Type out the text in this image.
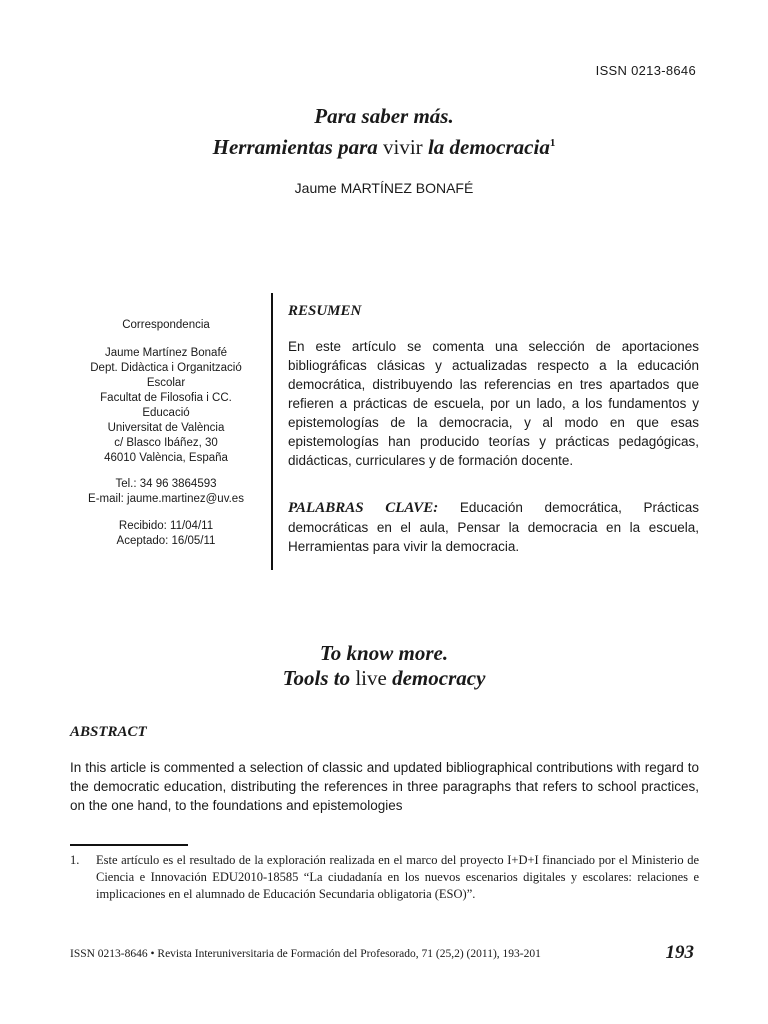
ISSN 0213-8646
Para saber más.
Herramientas para vivir la democracia$^1$
Jaume MARTÍNEZ BONAFÉ
Correspondencia
Jaume Martínez Bonafé
Dept. Didàctica i Organització
Escolar
Facultat de Filosofia i CC.
Educació
Universitat de València
c/ Blasco Ibáñez, 30
46010 València, España
Tel.: 34 96 3864593
E-mail: jaume.martinez@uv.es
Recibido: 11/04/11
Aceptado: 16/05/11
RESUMEN
En este artículo se comenta una selección de aportaciones bibliográficas clásicas y actualizadas respecto a la educación democrática, distribuyendo las referencias en tres apartados que refieren a prácticas de escuela, por un lado, a los fundamentos y epistemologías de la democracia, y al modo en que esas epistemologías han producido teorías y prácticas pedagógicas, didácticas, curriculares y de formación docente.
PALABRAS CLAVE: Educación democrática, Prácticas democráticas en el aula, Pensar la democracia en la escuela, Herramientas para vivir la democracia.
To know more.
Tools to live democracy
ABSTRACT
In this article is commented a selection of classic and updated bibliographical contributions with regard to the democratic education, distributing the references in three paragraphs that refers to school practices, on the one hand, to the foundations and epistemologies
1.	Este artículo es el resultado de la exploración realizada en el marco del proyecto I+D+I financiado por el Ministerio de Ciencia e Innovación EDU2010-18585 “La ciudadanía en los nuevos escenarios digitales y escolares: relaciones e implicaciones en el alumnado de Educación Secundaria obligatoria (ESO)”.
ISSN 0213-8646 • Revista Interuniversitaria de Formación del Profesorado, 71 (25,2) (2011), 193-201	193
